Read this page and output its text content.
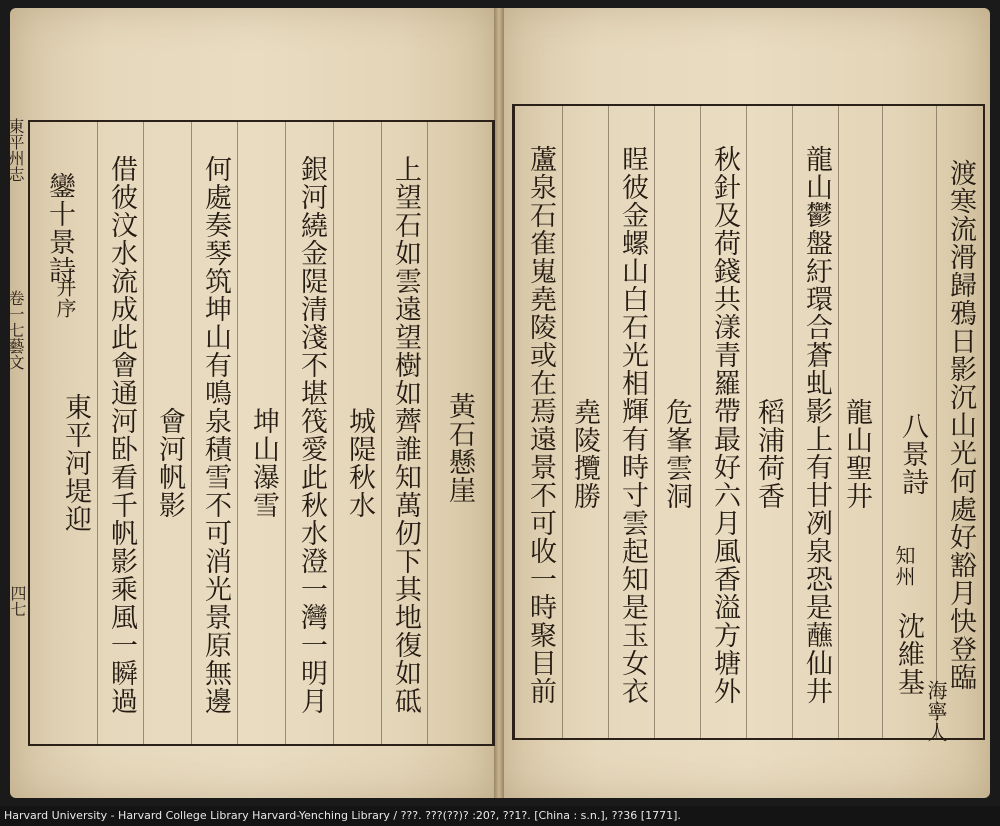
黃石懸崖
上望石如雲遠望樹如薺誰知萬仞下其地復如砥
城隄秋水
銀河繞金隄清淺不堪筏愛此秋水澄一灣一明月
坤山瀑雪
何處奏琴筑坤山有鳴泉積雪不可消光景原無邊
會河帆影
借彼汶水流成此會通河卧看千帆影乘風一瞬過
東平河堤迎
鑾十景詩
并序
東平州志
卷一七藝文
四七	渡寒流滑歸鴉日影沉山光何處好豁月快登臨
八景詩
知州
沈維基
海寧人
龍山聖井
龍山鬱盤紆環合蒼虬影上有甘冽泉恐是蘸仙井
稻浦荷香
秋針及荷錢共漾青羅帶最好六月風香溢方塘外
危峯雲洞
睈彼金螺山白石光相輝有時寸雲起知是玉女衣
堯陵攬勝
蘆泉石隺嵬堯陵或在焉遠景不可收一時聚目前
Harvard University - Harvard College Library Harvard-Yenching Library / ???. ???(??)? :20?, ??1?. [China : s.n.], ??36 [1771].
